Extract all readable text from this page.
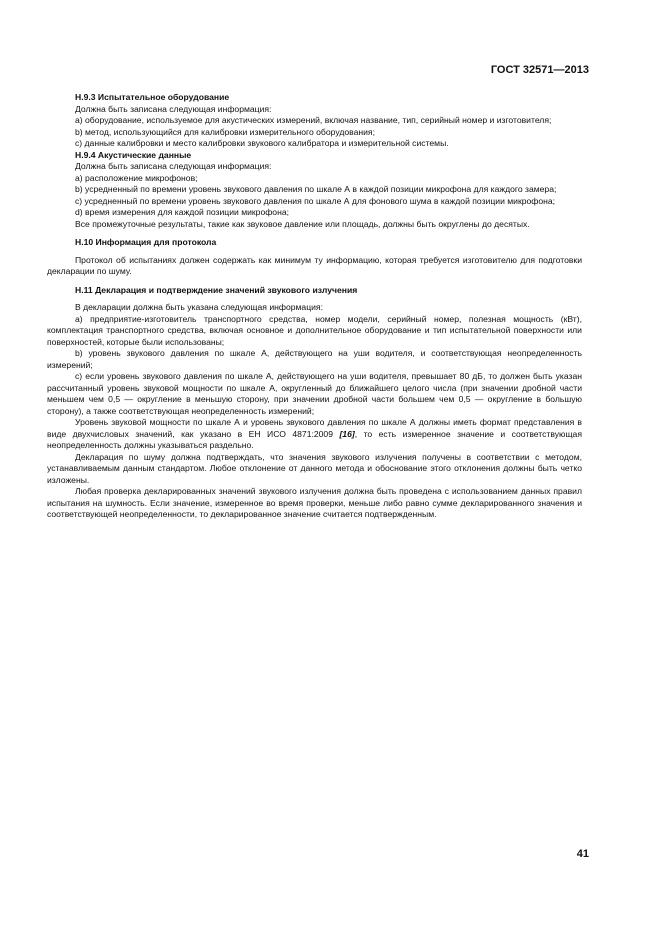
ГОСТ 32571—2013

H.9.3 Испытательное оборудование

Должна быть записана следующая информация:

а) оборудование, используемое для акустических измерений, включая название, тип, серийный номер и изготовителя;

b) метод, использующийся для калибровки измерительного оборудования;

с) данные калибровки и место калибровки звукового калибратора и измерительной системы.

H.9.4 Акустические данные

Должна быть записана следующая информация:

а) расположение микрофонов;

b) усредненный по времени уровень звукового давления по шкале А в каждой позиции микрофона для каждого замера;

с) усредненный по времени уровень звукового давления по шкале А для фонового шума в каждой позиции микрофона;

d) время измерения для каждой позиции микрофона;

Все промежуточные результаты, такие как звуковое давление или площадь, должны быть округлены до десятых.

H.10 Информация для протокола

Протокол об испытаниях должен содержать как минимум ту информацию, которая требуется изготовителю для подготовки декларации по шуму.

H.11 Декларация и подтверждение значений звукового излучения

В декларации должна быть указана следующая информация:

а) предприятие-изготовитель транспортного средства, номер модели, серийный номер, полезная мощность (кВт), комплектация транспортного средства, включая основное и дополнительное оборудование и тип испытательной поверхности или поверхностей, которые были использованы;

b) уровень звукового давления по шкале А, действующего на уши водителя, и соответствующая неопределенность измерений;

с) если уровень звукового давления по шкале А, действующего на уши водителя, превышает 80 дБ, то должен быть указан рассчитанный уровень звуковой мощности по шкале А, округленный до ближайшего целого числа (при значении дробной части меньшем чем 0,5 — округление в меньшую сторону, при значении дробной части большем чем 0,5 — округление в большую сторону), а также соответствующая неопределенность измерений;

Уровень звуковой мощности по шкале А и уровень звукового давления по шкале А должны иметь формат представления в виде двухчисловых значений, как указано в ЕН ИСО 4871:2009 [16], то есть измеренное значение и соответствующая неопределенность должны указываться раздельно.

Декларация по шуму должна подтверждать, что значения звукового излучения получены в соответствии с методом, устанавливаемым данным стандартом. Любое отклонение от данного метода и обоснование этого отклонения должны быть четко изложены.

Любая проверка декларированных значений звукового излучения должна быть проведена с использованием данных правил испытания на шумность. Если значение, измеренное во время проверки, меньше либо равно сумме декларированного значения и соответствующей неопределенности, то декларированное значение считается подтвержденным.

41
